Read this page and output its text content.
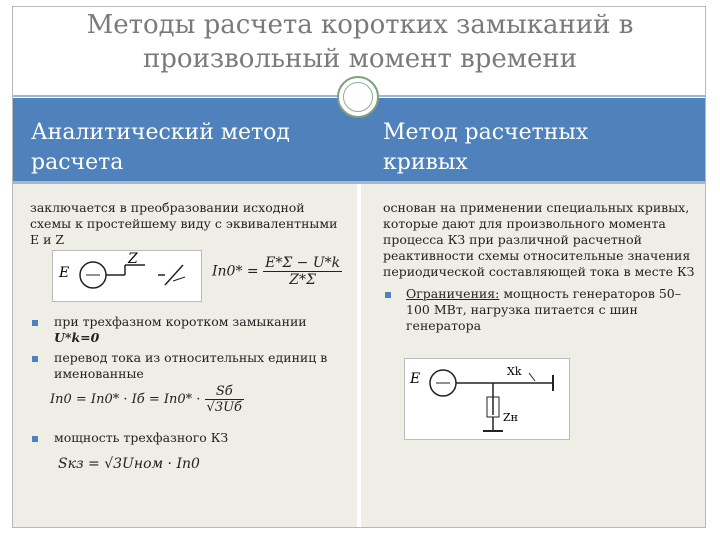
Методы расчета коротких замыканий в
произвольный момент времени
Аналитический метод
расчета
Метод расчетных
кривых
заключается в преобразовании исходной схемы к простейшему виду с эквивалентными Е и Z
E
Z
$Iп0* = \frac{E*\Sigma - U*k}{Z*\Sigma}$
при трехфазном коротком замыкании
U*k=0
перевод тока из относительных единиц в именованные
Iп0 = Iп0* · Iб = $Iп0* \cdot \frac{Sб}{√3Uб}$
мощность трехфазного КЗ
Sкз = √3Uном · Iп0
основан на применении специальных кривых, которые дают для произвольного момента процесса КЗ при различной расчетной реактивности схемы относительные значения периодической составляющей тока в месте КЗ
Ограничения: мощность генераторов 50–100 МВт, нагрузка питается с шин генератора
E	Xk
Zн
